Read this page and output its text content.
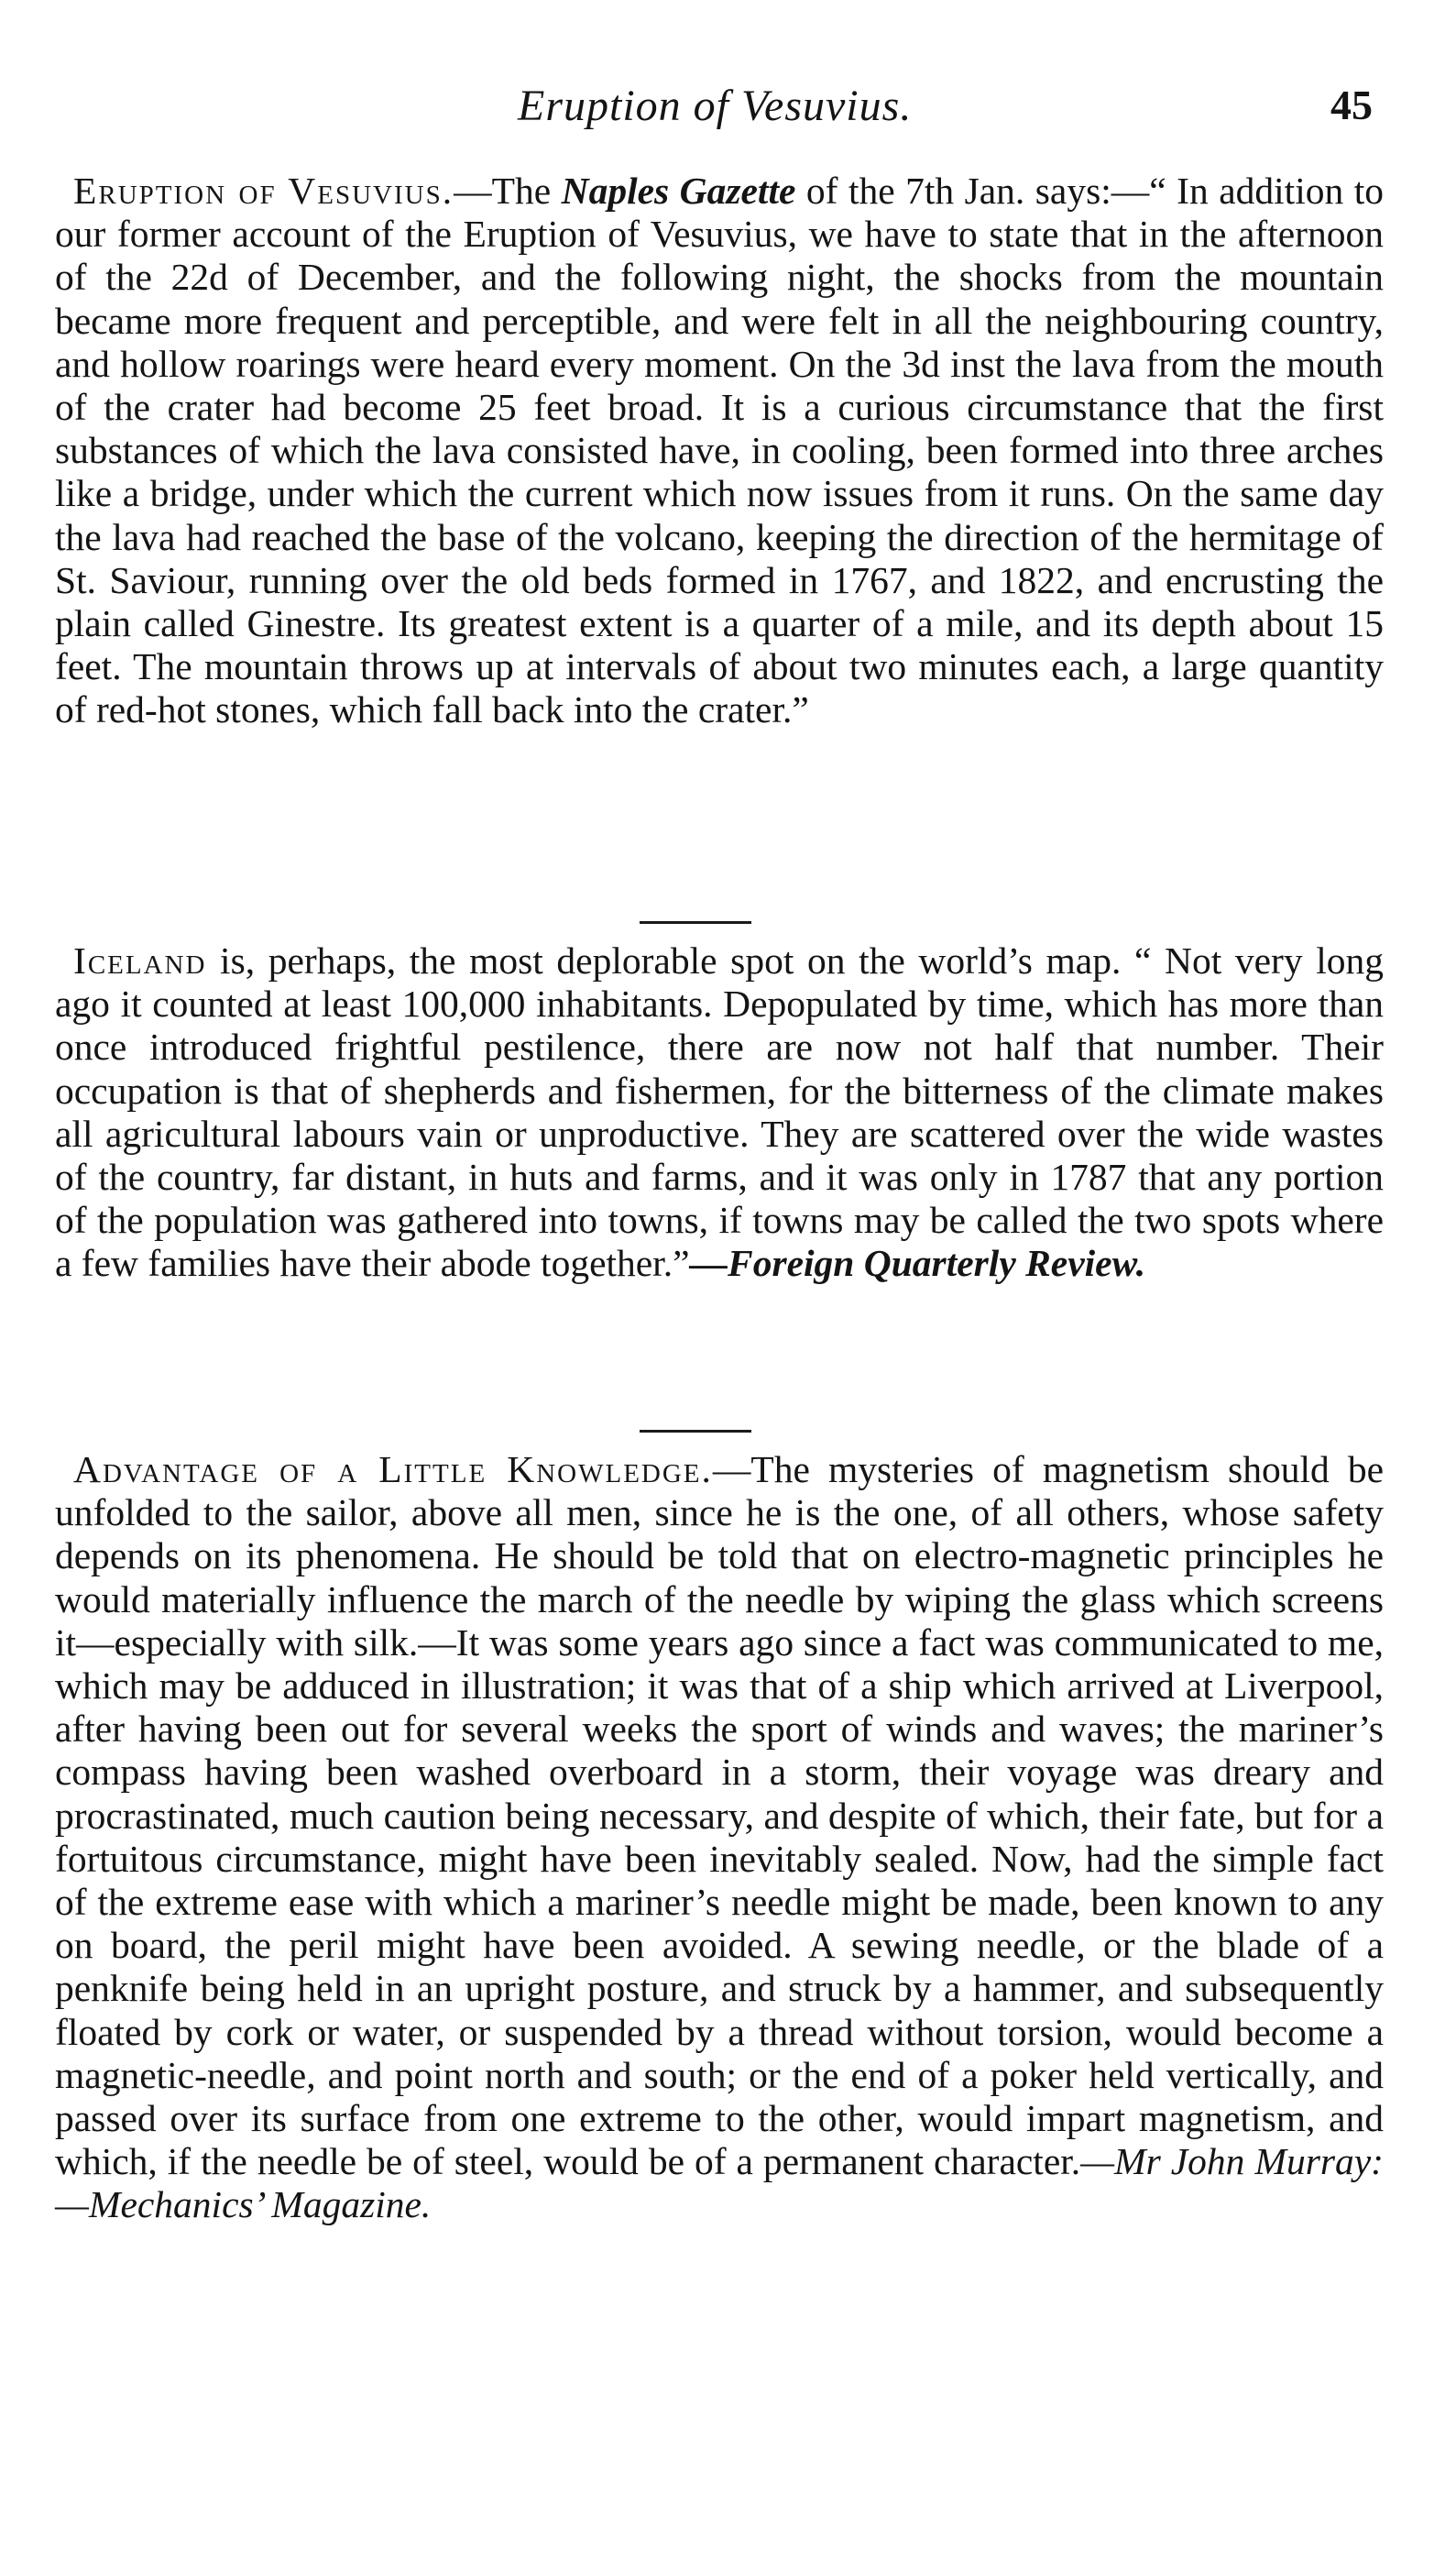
Eruption of Vesuvius.	45

Eruption of Vesuvius.—The Naples Gazette of the 7th Jan. says:—“ In addition to our former account of the Eruption of Vesuvius, we have to state that in the afternoon of the 22d of December, and the following night, the shocks from the mountain became more frequent and perceptible, and were felt in all the neighbouring country, and hollow roarings were heard every moment. On the 3d inst the lava from the mouth of the crater had become 25 feet broad. It is a curious circumstance that the first substances of which the lava consisted have, in cooling, been formed into three arches like a bridge, under which the current which now issues from it runs. On the same day the lava had reached the base of the volcano, keeping the direction of the hermitage of St. Saviour, running over the old beds formed in 1767, and 1822, and encrusting the plain called Ginestre. Its greatest extent is a quarter of a mile, and its depth about 15 feet. The mountain throws up at intervals of about two minutes each, a large quantity of red-hot stones, which fall back into the crater.”

Iceland is, perhaps, the most deplorable spot on the world’s map. “ Not very long ago it counted at least 100,000 inhabitants. Depopulated by time, which has more than once introduced frightful pestilence, there are now not half that number. Their occupation is that of shepherds and fishermen, for the bitterness of the climate makes all agricultural labours vain or unproductive. They are scattered over the wide wastes of the country, far distant, in huts and farms, and it was only in 1787 that any portion of the population was gathered into towns, if towns may be called the two spots where a few families have their abode together.”—Foreign Quarterly Review.

Advantage of a Little Knowledge.—The mysteries of magnetism should be unfolded to the sailor, above all men, since he is the one, of all others, whose safety depends on its phenomena. He should be told that on electro-magnetic principles he would materially influence the march of the needle by wiping the glass which screens it—especially with silk.—It was some years ago since a fact was communicated to me, which may be adduced in illustration; it was that of a ship which arrived at Liverpool, after having been out for several weeks the sport of winds and waves; the mariner’s compass having been washed overboard in a storm, their voyage was dreary and procrastinated, much caution being necessary, and despite of which, their fate, but for a fortuitous circumstance, might have been inevitably sealed. Now, had the simple fact of the extreme ease with which a mariner’s needle might be made, been known to any on board, the peril might have been avoided. A sewing needle, or the blade of a penknife being held in an upright posture, and struck by a hammer, and subsequently floated by cork or water, or suspended by a thread without torsion, would become a magnetic-needle, and point north and south; or the end of a poker held vertically, and passed over its surface from one extreme to the other, would impart magnetism, and which, if the needle be of steel, would be of a permanent character.—Mr John Murray:—Mechanics’ Magazine.
